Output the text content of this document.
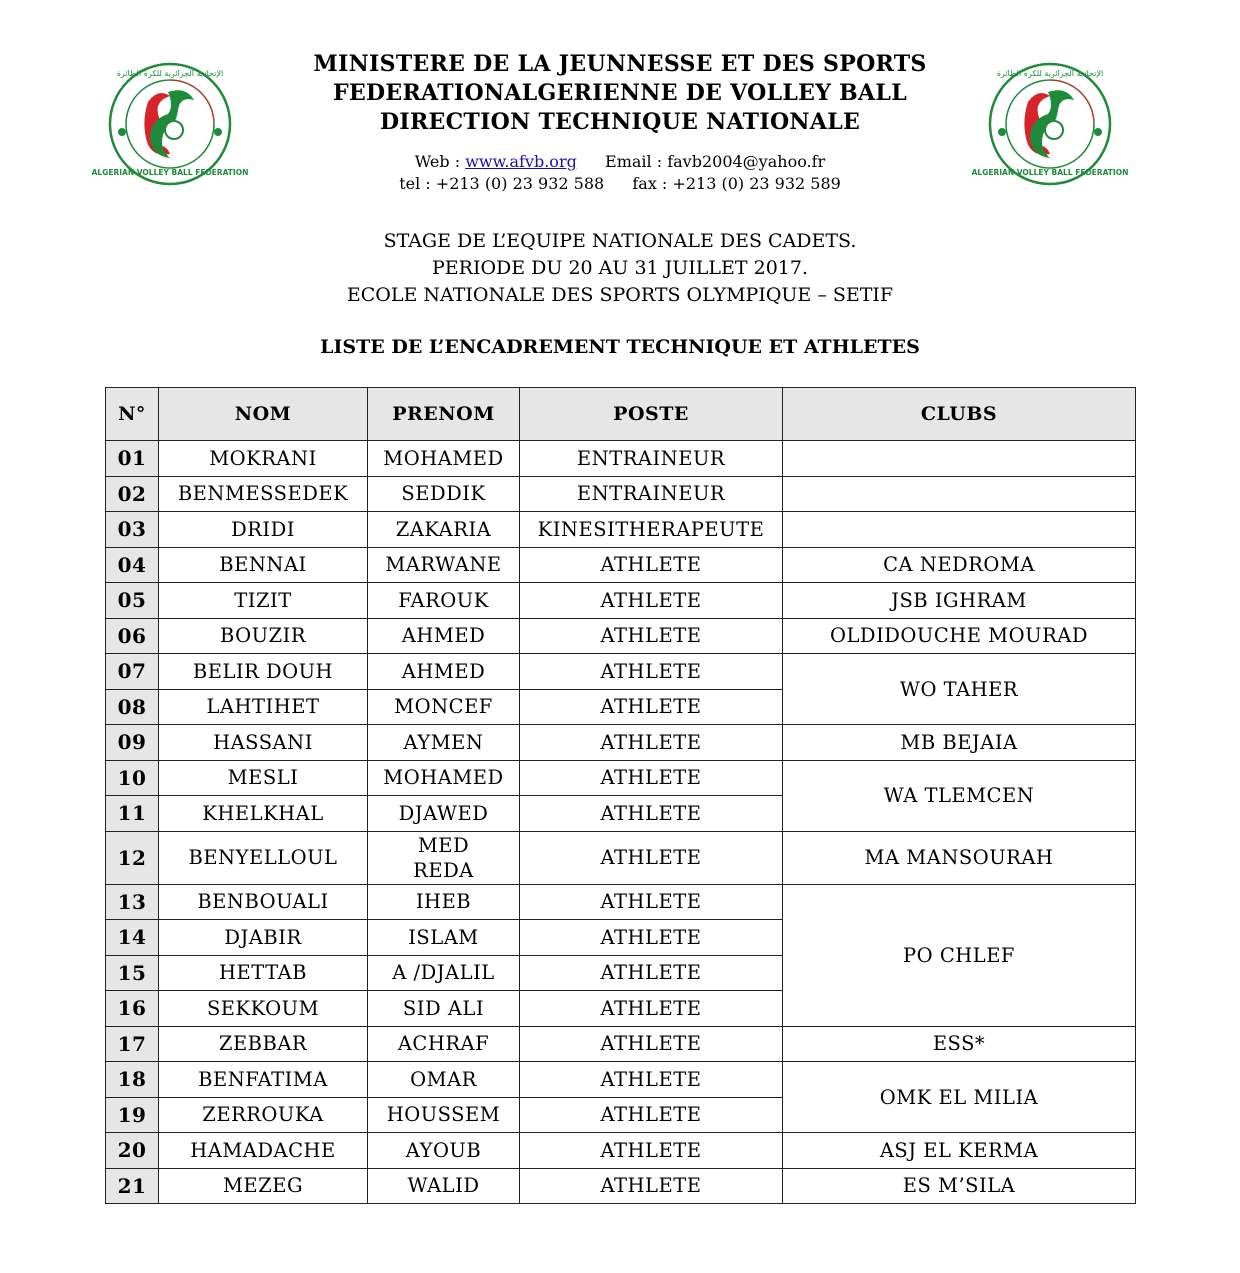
ALGERIAN VOLLEY BALL FEDERATION
الإتحادية الجزائرية للكرة الطائرة
ALGERIAN VOLLEY BALL FEDERATION
الإتحادية الجزائرية للكرة الطائرة
MINISTERE DE LA JEUNNESSE ET DES SPORTS
FEDERATIONALGERIENNE DE VOLLEY BALL
DIRECTION TECHNIQUE NATIONALE
Web : www.afvb.org Email : favb2004@yahoo.fr
tel : +213 (0) 23 932 588 fax : +213 (0) 23 932 589
STAGE DE L’EQUIPE NATIONALE DES CADETS.
PERIODE DU 20 AU 31 JUILLET 2017.
ECOLE NATIONALE DES SPORTS OLYMPIQUE – SETIF
LISTE DE L’ENCADREMENT TECHNIQUE ET ATHLETES
N°	NOM	PRENOM	POSTE	CLUBS
01	MOKRANI	MOHAMED	ENTRAINEUR	
02	BENMESSEDEK	SEDDIK	ENTRAINEUR	
03	DRIDI	ZAKARIA	KINESITHERAPEUTE	
04	BENNAI	MARWANE	ATHLETE	CA NEDROMA
05	TIZIT	FAROUK	ATHLETE	JSB IGHRAM
06	BOUZIR	AHMED	ATHLETE	OLDIDOUCHE MOURAD
07	BELIR DOUH	AHMED	ATHLETE	WO TAHER
08	LAHTIHET	MONCEF	ATHLETE	
09	HASSANI	AYMEN	ATHLETE	MB BEJAIA
10	MESLI	MOHAMED	ATHLETE	WA TLEMCEN
11	KHELKHAL	DJAWED	ATHLETE	
12	BENYELLOUL	MED
REDA	ATHLETE	MA MANSOURAH
13	BENBOUALI	IHEB	ATHLETE	PO CHLEF
14	DJABIR	ISLAM	ATHLETE	
15	HETTAB	A /DJALIL	ATHLETE	
16	SEKKOUM	SID ALI	ATHLETE	
17	ZEBBAR	ACHRAF	ATHLETE	ESS*
18	BENFATIMA	OMAR	ATHLETE	OMK EL MILIA
19	ZERROUKA	HOUSSEM	ATHLETE	
20	HAMADACHE	AYOUB	ATHLETE	ASJ EL KERMA
21	MEZEG	WALID	ATHLETE	ES M’SILA
